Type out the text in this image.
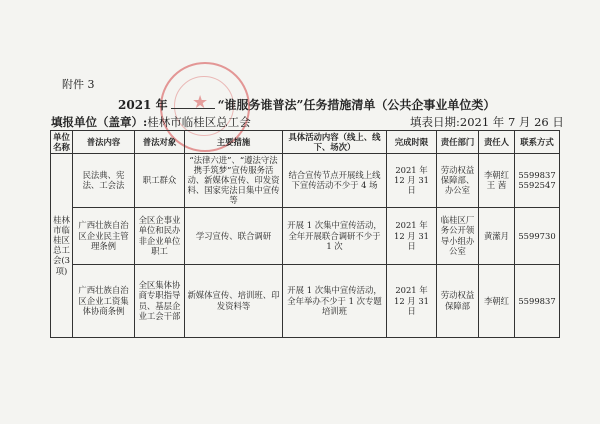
★
附件 3
2021 年	“谁服务谁普法”任务措施清单（公共企事业单位类）
填报单位（盖章）:桂林市临桂区总工会	填表日期:2021 年 7 月 26 日
单位名称	普法内容	普法对象	主要措施	具体活动内容（线上、线下、场次）	完成时限	责任部门	责任人	联系方式
桂林市临桂区总工会(3项)	民法典、宪法、工会法	职工群众	“法律六进”、“遵法守法 携手筑梦”宣传服务活动、新媒体宣传、印发资料、国家宪法日集中宣传等	结合宣传节点开展线上线下宣传活动不少于 4 场	2021 年 12 月 31 日	劳动权益保障部、办公室	李朝红 王 茜	5599837 5592547
	广西壮族自治区企业民主管理条例	全区企事业单位和民办非企业单位职工	学习宣传、联合调研	开展 1 次集中宣传活动，全年开展联合调研不少于 1 次	2021 年 12 月 31 日	临桂区厂务公开领导小组办公室	黄潆月	5599730
	广西壮族自治区企业工资集体协商条例	全区集体协商专职指导员、基层企业工会干部	新媒体宣传、培训班、印发资料等	开展 1 次集中宣传活动，全年举办不少于 1 次专题培训班	2021 年 12 月 31 日	劳动权益保障部	李朝红	5599837
